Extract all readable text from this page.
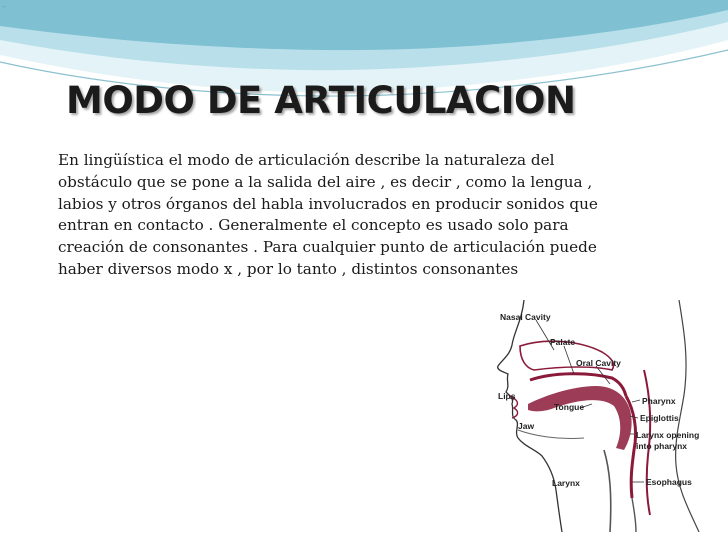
–
MODO DE ARTICULACION

En lingüística el modo de articulación describe la naturaleza del obstáculo que se pone a la salida del aire , es decir , como la lengua , labios y otros órganos del habla involucrados en producir sonidos que entran en contacto . Generalmente el concepto es usado solo para creación de consonantes . Para cualquier punto de articulación puede haber diversos modo x , por lo tanto , distintos consonantes

Nasal Cavity
Palate
Oral Cavity
Lips
Tongue
Jaw
Pharynx
Epiglottis
Larynx opening
into pharynx
Larynx	Esophagus
